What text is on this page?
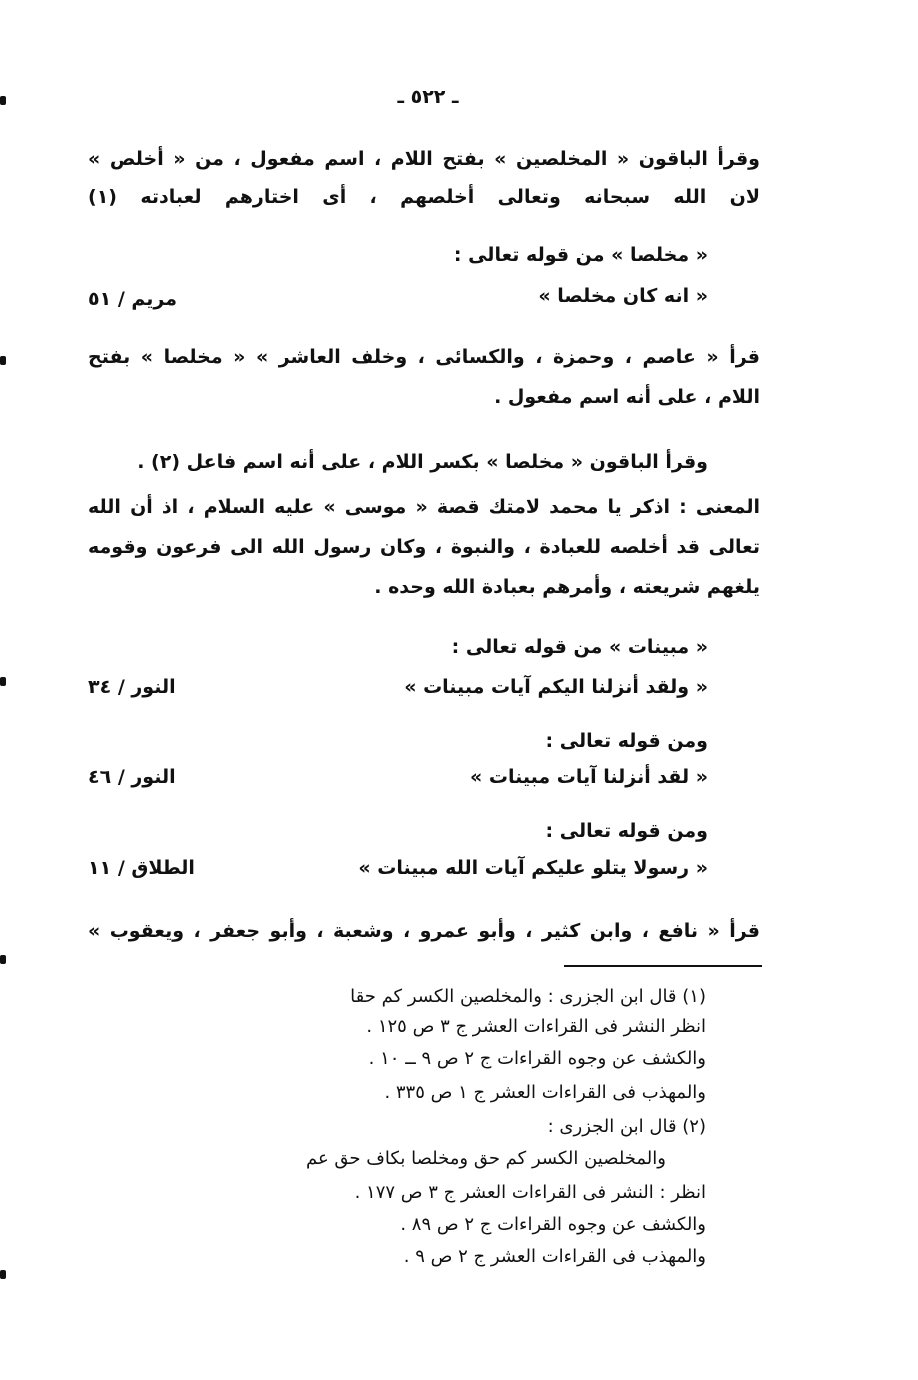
ـ ٥٢٢ ـ
وقرأ الباقون « المخلصين » بفتح اللام ، اسم مفعول ، من « أخلص »
لان الله سبحانه وتعالى أخلصهم ، أى اختارهم لعبادته (١)
« مخلصا » من قوله تعالى :
« انه كان مخلصا »
مريم / ٥١
قرأ « عاصم ، وحمزة ، والكسائى ، وخلف العاشر » « مخلصا » بفتح
اللام ، على أنه اسم مفعول .
وقرأ الباقون « مخلصا » بكسر اللام ، على أنه اسم فاعل (٢) .
المعنى : اذكر يا محمد لامتك قصة « موسى » عليه السلام ، اذ أن الله
تعالى قد أخلصه للعبادة ، والنبوة ، وكان رسول الله الى فرعون وقومه
يلغهم شريعته ، وأمرهم بعبادة الله وحده .
« مبينات » من قوله تعالى :
« ولقد أنزلنا اليكم آيات مبينات »
النور / ٣٤
ومن قوله تعالى :
« لقد أنزلنا آيات مبينات »
النور / ٤٦
ومن قوله تعالى :
« رسولا يتلو عليكم آيات الله مبينات »
الطلاق / ١١
قرأ « نافع ، وابن كثير ، وأبو عمرو ، وشعبة ، وأبو جعفر ، ويعقوب »
(١) قال ابن الجزرى : والمخلصين الكسر كم حقا
انظر النشر فى القراءات العشر ج ٣ ص ١٢٥ .
والكشف عن وجوه القراءات ج ٢ ص ٩ ــ ١٠ .
والمهذب فى القراءات العشر ج ١ ص ٣٣٥ .
(٢) قال ابن الجزرى :
والمخلصين الكسر كم حق ومخلصا بكاف حق عم
انظر : النشر فى القراءات العشر ج ٣ ص ١٧٧ .
والكشف عن وجوه القراءات ج ٢ ص ٨٩ .
والمهذب فى القراءات العشر ج ٢ ص ٩ .
